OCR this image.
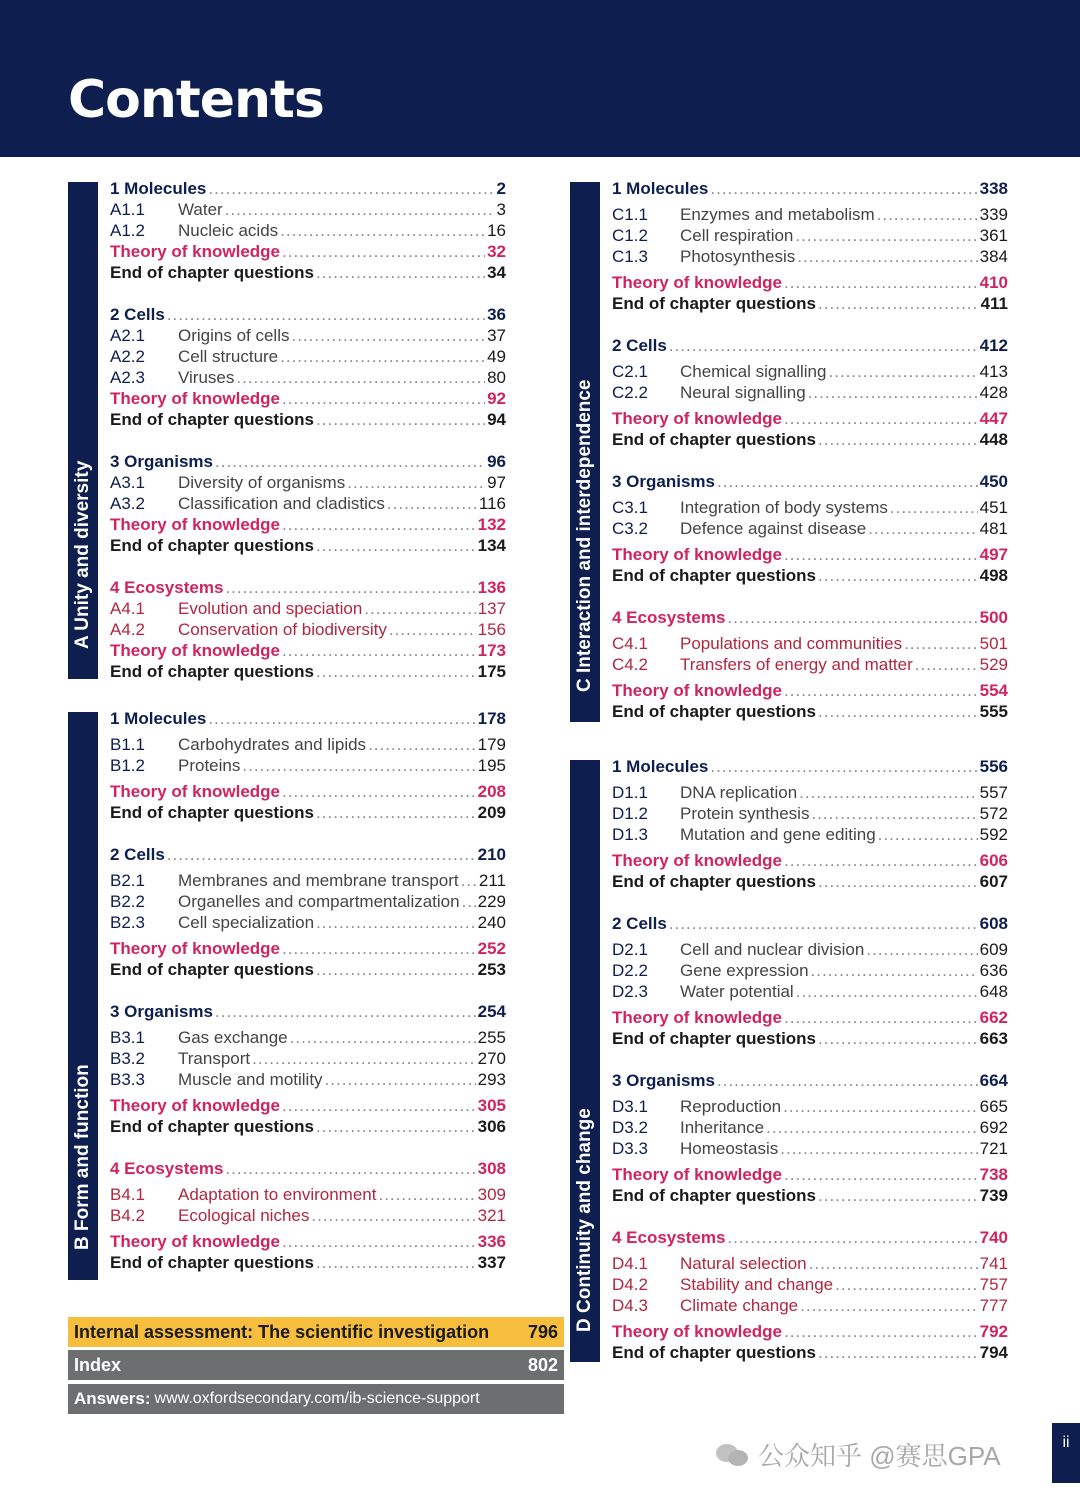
Contents
A Unity and diversity
1 Molecules .....	2
A1.1	Water .....	3
A1.2	Nucleic acids .....	16
Theory of knowledge .....	32
End of chapter questions .....	34
2 Cells .....	36
A2.1	Origins of cells .....	37
A2.2	Cell structure .....	49
A2.3	Viruses .....	80
Theory of knowledge .....	92
End of chapter questions .....	94
3 Organisms .....	96
A3.1	Diversity of organisms .....	97
A3.2	Classification and cladistics .....	116
Theory of knowledge .....	132
End of chapter questions .....	134
4 Ecosystems .....	136
A4.1	Evolution and speciation .....	137
A4.2	Conservation of biodiversity .....	156
Theory of knowledge .....	173
End of chapter questions .....	175
B Form and function
1 Molecules .....	178
B1.1	Carbohydrates and lipids .....	179
B1.2	Proteins .....	195
Theory of knowledge .....	208
End of chapter questions .....	209
2 Cells .....	210
B2.1	Membranes and membrane transport ..... 211
B2.2	Organelles and compartmentalization ..... 229
B2.3	Cell specialization .....	240
Theory of knowledge .....	252
End of chapter questions .....	253
3 Organisms .....	254
B3.1	Gas exchange .....	255
B3.2	Transport .....	270
B3.3	Muscle and motility .....	293
Theory of knowledge .....	305
End of chapter questions .....	306
4 Ecosystems .....	308
B4.1	Adaptation to environment .....	309
B4.2	Ecological niches .....	321
Theory of knowledge .....	336
End of chapter questions .....	337
C Interaction and interdependence
1 Molecules .....	338
C1.1	Enzymes and metabolism .....	339
C1.2	Cell respiration .....	361
C1.3	Photosynthesis .....	384
Theory of knowledge .....	410
End of chapter questions .....	411
2 Cells .....	412
C2.1	Chemical signalling .....	413
C2.2	Neural signalling .....	428
Theory of knowledge .....	447
End of chapter questions .....	448
3 Organisms .....	450
C3.1	Integration of body systems .....	451
C3.2	Defence against disease .....	481
Theory of knowledge .....	497
End of chapter questions .....	498
4 Ecosystems .....	500
C4.1	Populations and communities .....	501
C4.2	Transfers of energy and matter .....	529
Theory of knowledge .....	554
End of chapter questions .....	555
D Continuity and change
1 Molecules .....	556
D1.1	DNA replication .....	557
D1.2	Protein synthesis .....	572
D1.3	Mutation and gene editing .....	592
Theory of knowledge .....	606
End of chapter questions .....	607
2 Cells .....	608
D2.1	Cell and nuclear division .....	609
D2.2	Gene expression .....	636
D2.3	Water potential .....	648
Theory of knowledge .....	662
End of chapter questions .....	663
3 Organisms .....	664
D3.1	Reproduction .....	665
D3.2	Inheritance .....	692
D3.3	Homeostasis .....	721
Theory of knowledge .....	738
End of chapter questions .....	739
4 Ecosystems .....	740
D4.1	Natural selection .....	741
D4.2	Stability and change .....	757
D4.3	Climate change .....	777
Theory of knowledge .....	792
End of chapter questions .....	794
Internal assessment: The scientific investigation	796
Index	802
Answers: www.oxfordsecondary.com/ib-science-support
ii
公众知乎 @赛思GPA
